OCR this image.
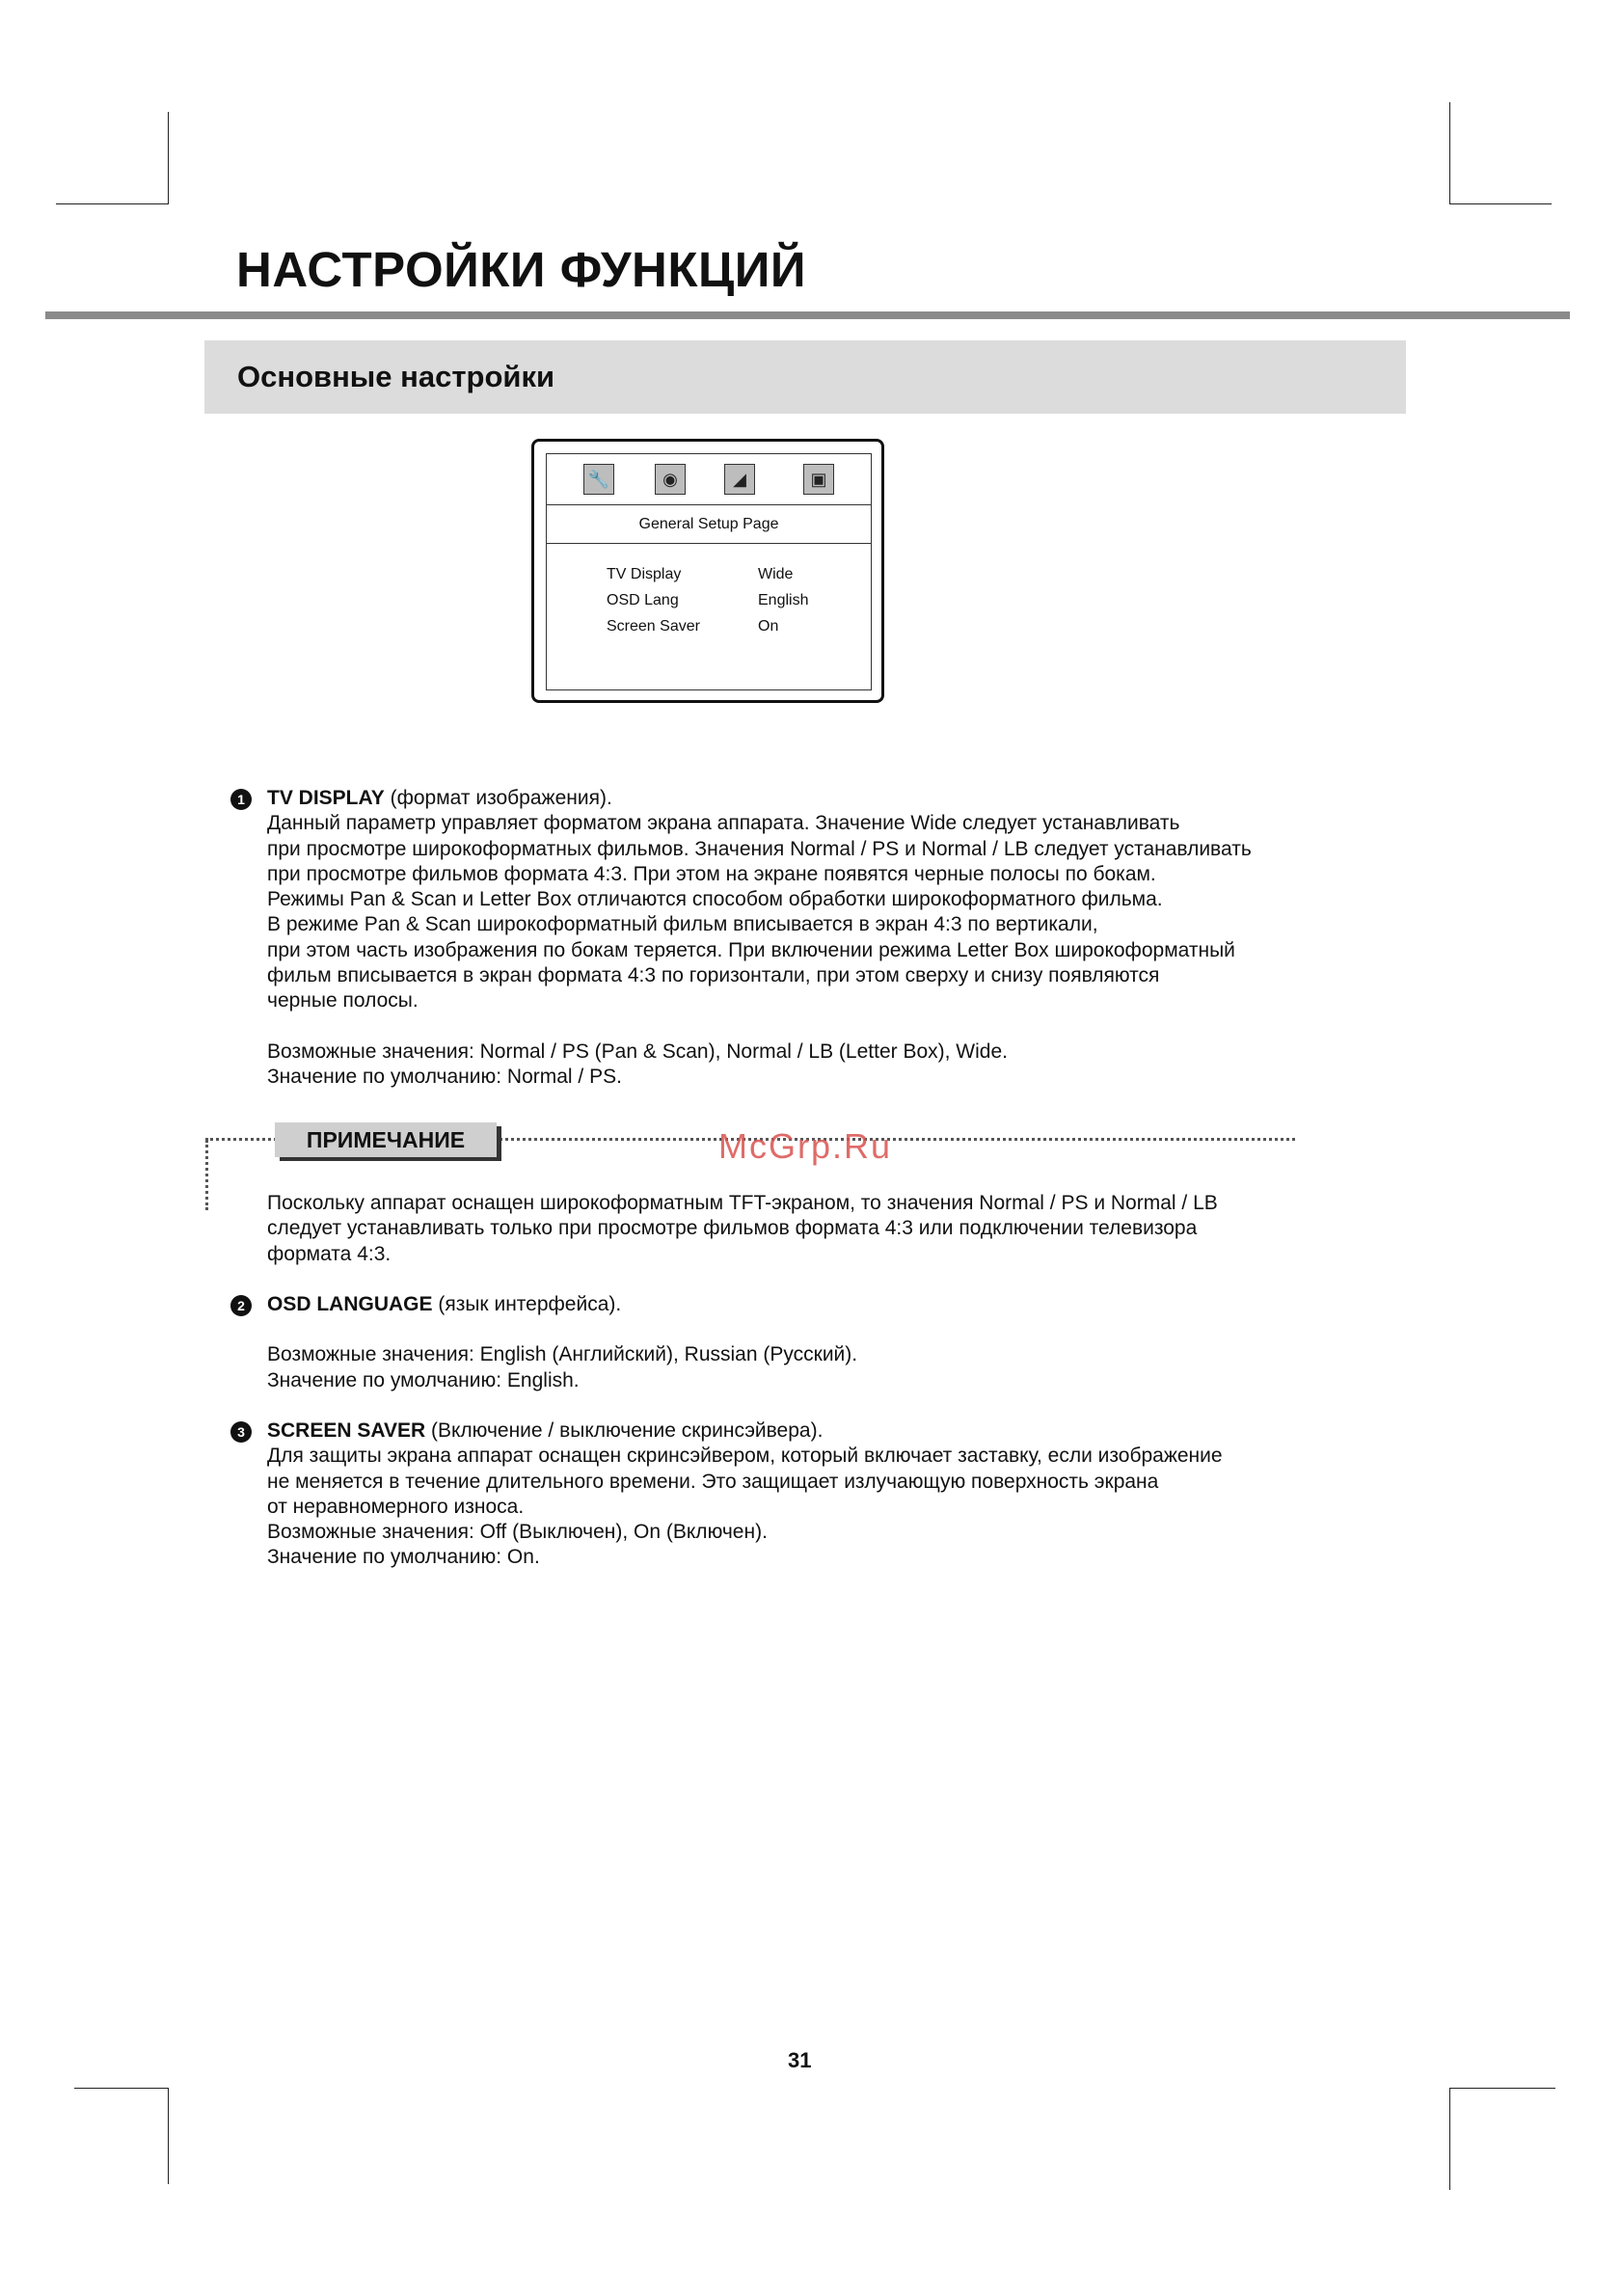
НАСТРОЙКИ ФУНКЦИЙ
Основные настройки
🔧	◉	◢	▣
General Setup Page
TV Display	Wide
OSD Lang	English
Screen Saver	On
1	TV DISPLAY (формат изображения).
Данный параметр управляет форматом экрана аппарата. Значение Wide следует устанавливать
при просмотре широкоформатных фильмов. Значения Normal / PS и Normal / LB следует устанавливать
при просмотре фильмов формата 4:3. При этом на экране появятся черные полосы по бокам.
Режимы Pan & Scan и Letter Box отличаются способом обработки широкоформатного фильма.
В режиме Pan & Scan широкоформатный фильм вписывается в экран 4:3 по вертикали,
при этом часть изображения по бокам теряется. При включении режима Letter Box широкоформатный
фильм вписывается в экран формата 4:3 по горизонтали, при этом сверху и снизу появляются
черные полосы.
Возможные значения: Normal / PS (Pan & Scan), Normal / LB (Letter Box), Wide.
Значение по умолчанию: Normal / PS.
ПРИМЕЧАНИЕ	McGrp.Ru
Поскольку аппарат оснащен широкоформатным TFT-экраном, то значения Normal / PS и Normal / LB
следует устанавливать только при просмотре фильмов формата 4:3 или подключении телевизора
формата 4:3.
2	OSD LANGUAGE (язык интерфейса).
Возможные значения: English (Английский), Russian (Русский).
Значение по умолчанию: English.
3	SCREEN SAVER (Включение / выключение скринсэйвера).
Для защиты экрана аппарат оснащен скринсэйвером, который включает заставку, если изображение
не меняется в течение длительного времени. Это защищает излучающую поверхность экрана
от неравномерного износа.
Возможные значения: Off (Выключен), On (Включен).
Значение по умолчанию: On.
31
